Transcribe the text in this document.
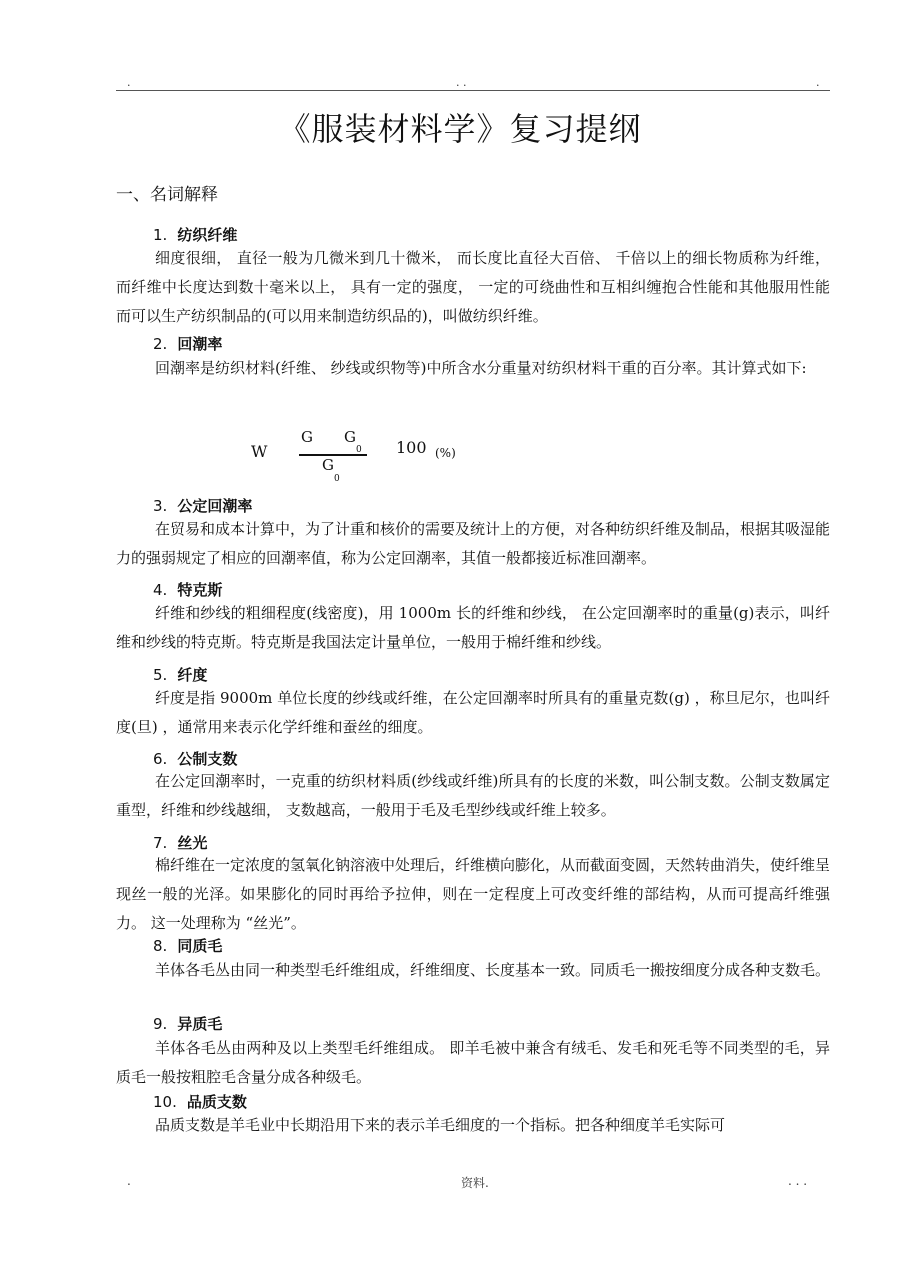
.	. .	.
《服装材料学》复习提纲
一、名词解释
1. 纺织纤维
细度很细， 直径一般为几微米到几十微米， 而长度比直径大百倍、 千倍以上的细长物质称为纤维， 而纤维中长度达到数十毫米以上， 具有一定的强度， 一定的可绕曲性和互相纠缠抱合性能和其他服用性能而可以生产纺织制品的(可以用来制造纺织品的)，叫做纺织纤维。
2. 回潮率
回潮率是纺织材料(纤维、 纱线或织物等)中所含水分重量对纺织材料干重的百分率。其计算式如下:
W
G G
0
G
0
100 (%)
3. 公定回潮率
在贸易和成本计算中，为了计重和核价的需要及统计上的方便，对各种纺织纤维及制品，根据其吸湿能力的强弱规定了相应的回潮率值，称为公定回潮率，其值一般都接近标准回潮率。
4. 特克斯
纤维和纱线的粗细程度(线密度)，用 1000m 长的纤维和纱线， 在公定回潮率时的重量(g)表示，叫纤维和纱线的特克斯。特克斯是我国法定计量单位，一般用于棉纤维和纱线。
5. 纤度
纤度是指 9000m 单位长度的纱线或纤维，在公定回潮率时所具有的重量克数(g) ，称旦尼尔，也叫纤度(旦) ，通常用来表示化学纤维和蚕丝的细度。
6. 公制支数
在公定回潮率时，一克重的纺织材料质(纱线或纤维)所具有的长度的米数，叫公制支数。公制支数属定重型，纤维和纱线越细， 支数越高，一般用于毛及毛型纱线或纤维上较多。
7. 丝光
棉纤维在一定浓度的氢氧化钠溶液中处理后，纤维横向膨化，从而截面变圆，天然转曲消失，使纤维呈现丝一般的光泽。如果膨化的同时再给予拉伸，则在一定程度上可改变纤维的部结构，从而可提高纤维强力。 这一处理称为 “丝光”。
8. 同质毛
羊体各毛丛由同一种类型毛纤维组成，纤维细度、长度基本一致。同质毛一搬按细度分成各种支数毛。
9. 异质毛
羊体各毛丛由两种及以上类型毛纤维组成。 即羊毛被中兼含有绒毛、发毛和死毛等不同类型的毛，异质毛一般按粗腔毛含量分成各种级毛。
10. 品质支数
品质支数是羊毛业中长期沿用下来的表示羊毛细度的一个指标。把各种细度羊毛实际可
.	资料.	. . .
